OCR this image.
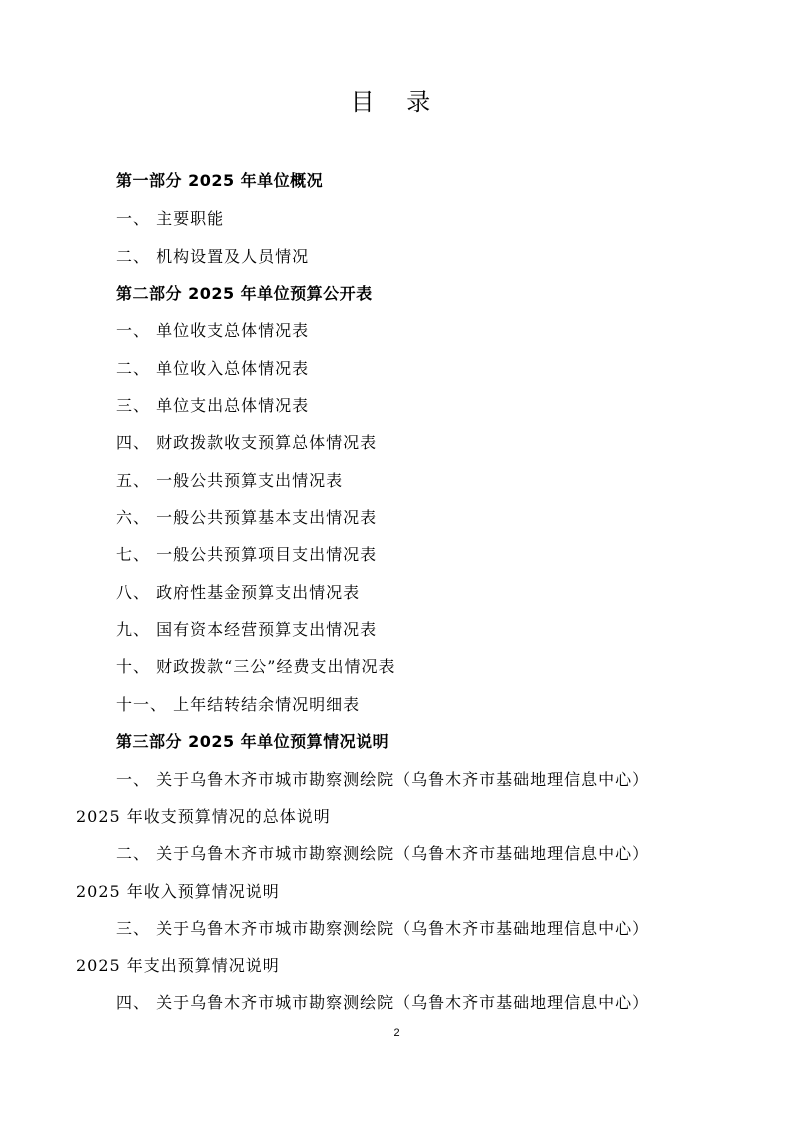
目 录
第一部分 2025 年单位概况
一、 主要职能
二、 机构设置及人员情况
第二部分 2025 年单位预算公开表
一、 单位收支总体情况表
二、 单位收入总体情况表
三、 单位支出总体情况表
四、 财政拨款收支预算总体情况表
五、 一般公共预算支出情况表
六、 一般公共预算基本支出情况表
七、 一般公共预算项目支出情况表
八、 政府性基金预算支出情况表
九、 国有资本经营预算支出情况表
十、 财政拨款“三公”经费支出情况表
十一、 上年结转结余情况明细表
第三部分 2025 年单位预算情况说明
一、 关于乌鲁木齐市城市勘察测绘院（乌鲁木齐市基础地理信息中心）
2025 年收支预算情况的总体说明
二、 关于乌鲁木齐市城市勘察测绘院（乌鲁木齐市基础地理信息中心）
2025 年收入预算情况说明
三、 关于乌鲁木齐市城市勘察测绘院（乌鲁木齐市基础地理信息中心）
2025 年支出预算情况说明
四、 关于乌鲁木齐市城市勘察测绘院（乌鲁木齐市基础地理信息中心）
2
